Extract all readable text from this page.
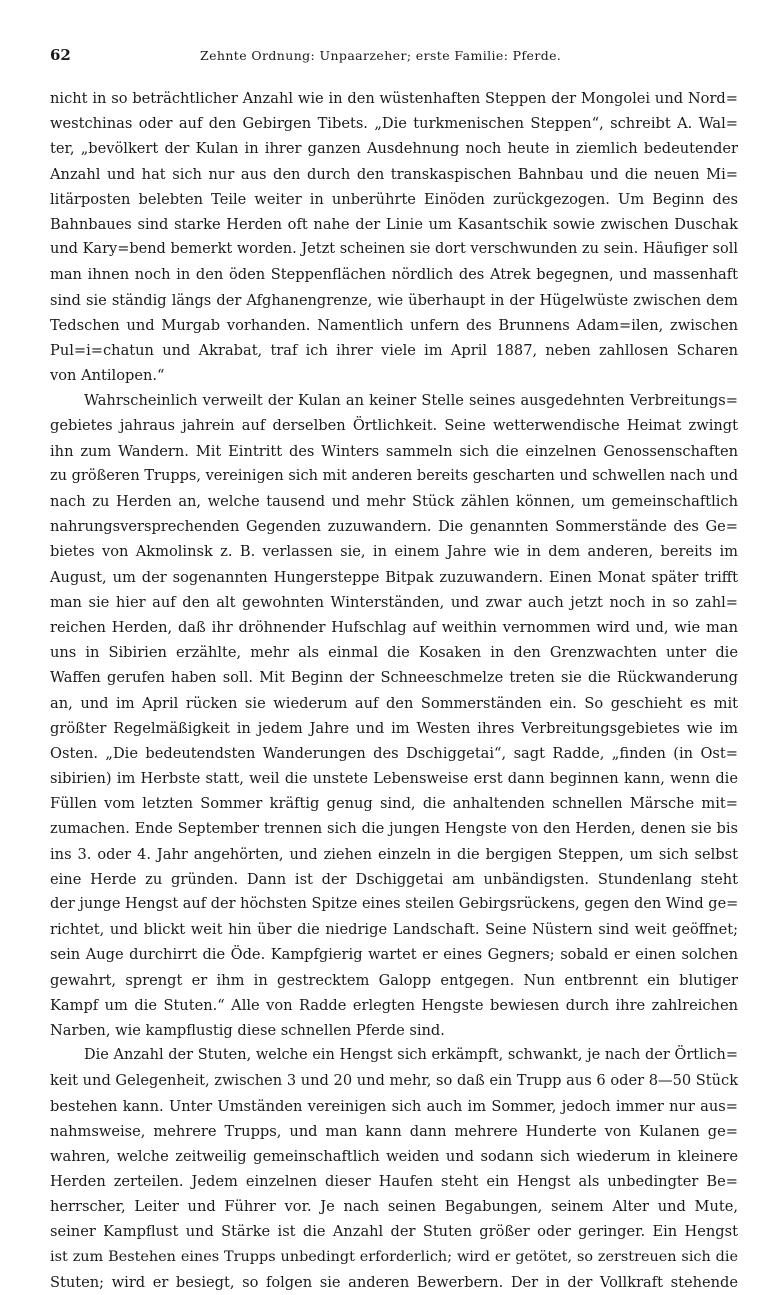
62	Zehnte Ordnung: Unpaarzeher; erste Familie: Pferde.
nicht in so beträchtlicher Anzahl wie in den wüstenhaften Steppen der Mongolei und Nord=
westchinas oder auf den Gebirgen Tibets. „Die turkmenischen Steppen“, schreibt A. Wal=
ter, „bevölkert der Kulan in ihrer ganzen Ausdehnung noch heute in ziemlich bedeutender
Anzahl und hat sich nur aus den durch den transkaspischen Bahnbau und die neuen Mi=
litärposten belebten Teile weiter in unberührte Einöden zurückgezogen. Um Beginn des
Bahnbaues sind starke Herden oft nahe der Linie um Kasantschik sowie zwischen Duschak
und Kary=bend bemerkt worden. Jetzt scheinen sie dort verschwunden zu sein. Häufiger soll
man ihnen noch in den öden Steppenflächen nördlich des Atrek begegnen, und massenhaft
sind sie ständig längs der Afghanengrenze, wie überhaupt in der Hügelwüste zwischen dem
Tedschen und Murgab vorhanden. Namentlich unfern des Brunnens Adam=ilen, zwischen
Pul=i=chatun und Akrabat, traf ich ihrer viele im April 1887, neben zahllosen Scharen
von Antilopen.“
Wahrscheinlich verweilt der Kulan an keiner Stelle seines ausgedehnten Verbreitungs=
gebietes jahraus jahrein auf derselben Örtlichkeit. Seine wetterwendische Heimat zwingt
ihn zum Wandern. Mit Eintritt des Winters sammeln sich die einzelnen Genossenschaften
zu größeren Trupps, vereinigen sich mit anderen bereits gescharten und schwellen nach und
nach zu Herden an, welche tausend und mehr Stück zählen können, um gemeinschaftlich
nahrungsversprechenden Gegenden zuzuwandern. Die genannten Sommerstände des Ge=
bietes von Akmolinsk z. B. verlassen sie, in einem Jahre wie in dem anderen, bereits im
August, um der sogenannten Hungersteppe Bitpak zuzuwandern. Einen Monat später trifft
man sie hier auf den alt gewohnten Winterständen, und zwar auch jetzt noch in so zahl=
reichen Herden, daß ihr dröhnender Hufschlag auf weithin vernommen wird und, wie man
uns in Sibirien erzählte, mehr als einmal die Kosaken in den Grenzwachten unter die
Waffen gerufen haben soll. Mit Beginn der Schneeschmelze treten sie die Rückwanderung
an, und im April rücken sie wiederum auf den Sommerständen ein. So geschieht es mit
größter Regelmäßigkeit in jedem Jahre und im Westen ihres Verbreitungsgebietes wie im
Osten. „Die bedeutendsten Wanderungen des Dschiggetai“, sagt Radde, „finden (in Ost=
sibirien) im Herbste statt, weil die unstete Lebensweise erst dann beginnen kann, wenn die
Füllen vom letzten Sommer kräftig genug sind, die anhaltenden schnellen Märsche mit=
zumachen. Ende September trennen sich die jungen Hengste von den Herden, denen sie bis
ins 3. oder 4. Jahr angehörten, und ziehen einzeln in die bergigen Steppen, um sich selbst
eine Herde zu gründen. Dann ist der Dschiggetai am unbändigsten. Stundenlang steht
der junge Hengst auf der höchsten Spitze eines steilen Gebirgsrückens, gegen den Wind ge=
richtet, und blickt weit hin über die niedrige Landschaft. Seine Nüstern sind weit geöffnet;
sein Auge durchirrt die Öde. Kampfgierig wartet er eines Gegners; sobald er einen solchen
gewahrt, sprengt er ihm in gestrecktem Galopp entgegen. Nun entbrennt ein blutiger
Kampf um die Stuten.“ Alle von Radde erlegten Hengste bewiesen durch ihre zahlreichen
Narben, wie kampflustig diese schnellen Pferde sind.
Die Anzahl der Stuten, welche ein Hengst sich erkämpft, schwankt, je nach der Örtlich=
keit und Gelegenheit, zwischen 3 und 20 und mehr, so daß ein Trupp aus 6 oder 8—50 Stück
bestehen kann. Unter Umständen vereinigen sich auch im Sommer, jedoch immer nur aus=
nahmsweise, mehrere Trupps, und man kann dann mehrere Hunderte von Kulanen ge=
wahren, welche zeitweilig gemeinschaftlich weiden und sodann sich wiederum in kleinere
Herden zerteilen. Jedem einzelnen dieser Haufen steht ein Hengst als unbedingter Be=
herrscher, Leiter und Führer vor. Je nach seinen Begabungen, seinem Alter und Mute,
seiner Kampflust und Stärke ist die Anzahl der Stuten größer oder geringer. Ein Hengst
ist zum Bestehen eines Trupps unbedingt erforderlich; wird er getötet, so zerstreuen sich die
Stuten; wird er besiegt, so folgen sie anderen Bewerbern. Der in der Vollkraft stehende
